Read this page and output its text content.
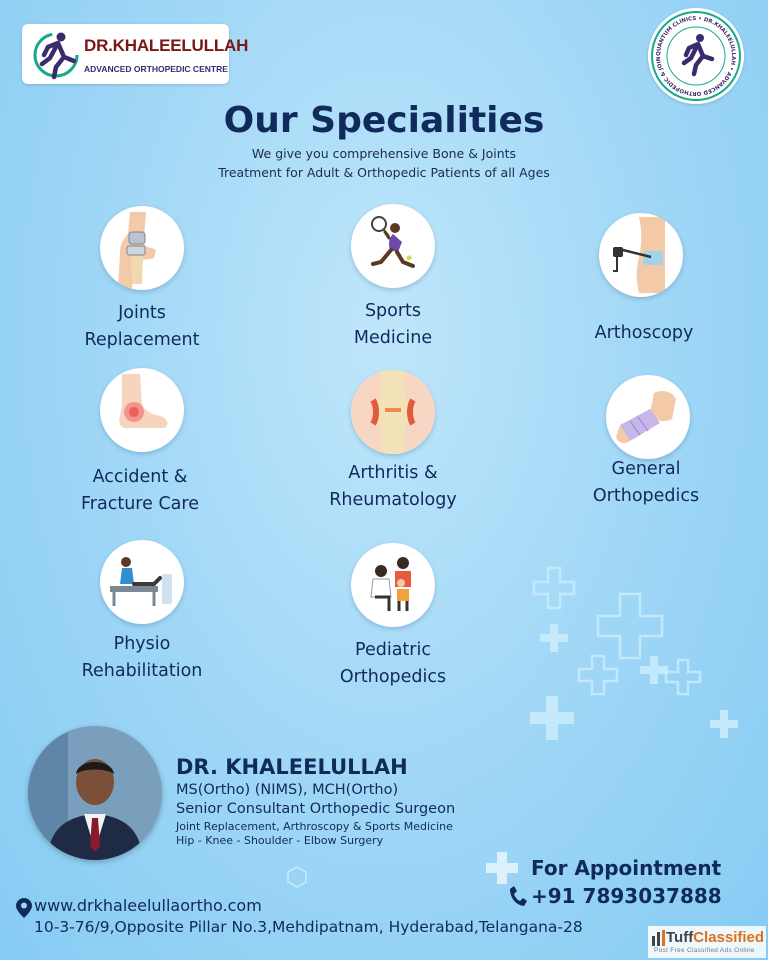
DR.KHALEELULLAH
ADVANCED ORTHOPEDIC CENTRE
QUANTUM CLINICS • DR.KHALEELULLAH • ADVANCED ORTHOPEDIC & JOIN
Our Specialities
We give you comprehensive Bone & Joints
Treatment for Adult & Orthopedic Patients of all Ages
Joints
Replacement
Sports
Medicine	Arthoscopy
Accident &
Fracture Care
Arthritis &
Rheumatology
General
Orthopedics
Physio
Rehabilitation
Pediatric
Orthopedics
DR. KHALEELULLAH
MS(Ortho) (NIMS), MCH(Ortho)
Senior Consultant Orthopedic Surgeon
Joint Replacement, Arthroscopy & Sports Medicine
Hip - Knee - Shoulder - Elbow Surgery
For Appointment
+91 7893037888
www.drkhaleelullaortho.com
10-3-76/9,Opposite Pillar No.3,Mehdipatnam, Hyderabad,Telangana-28
TuffClassified
Post Free Classified Ads Online
